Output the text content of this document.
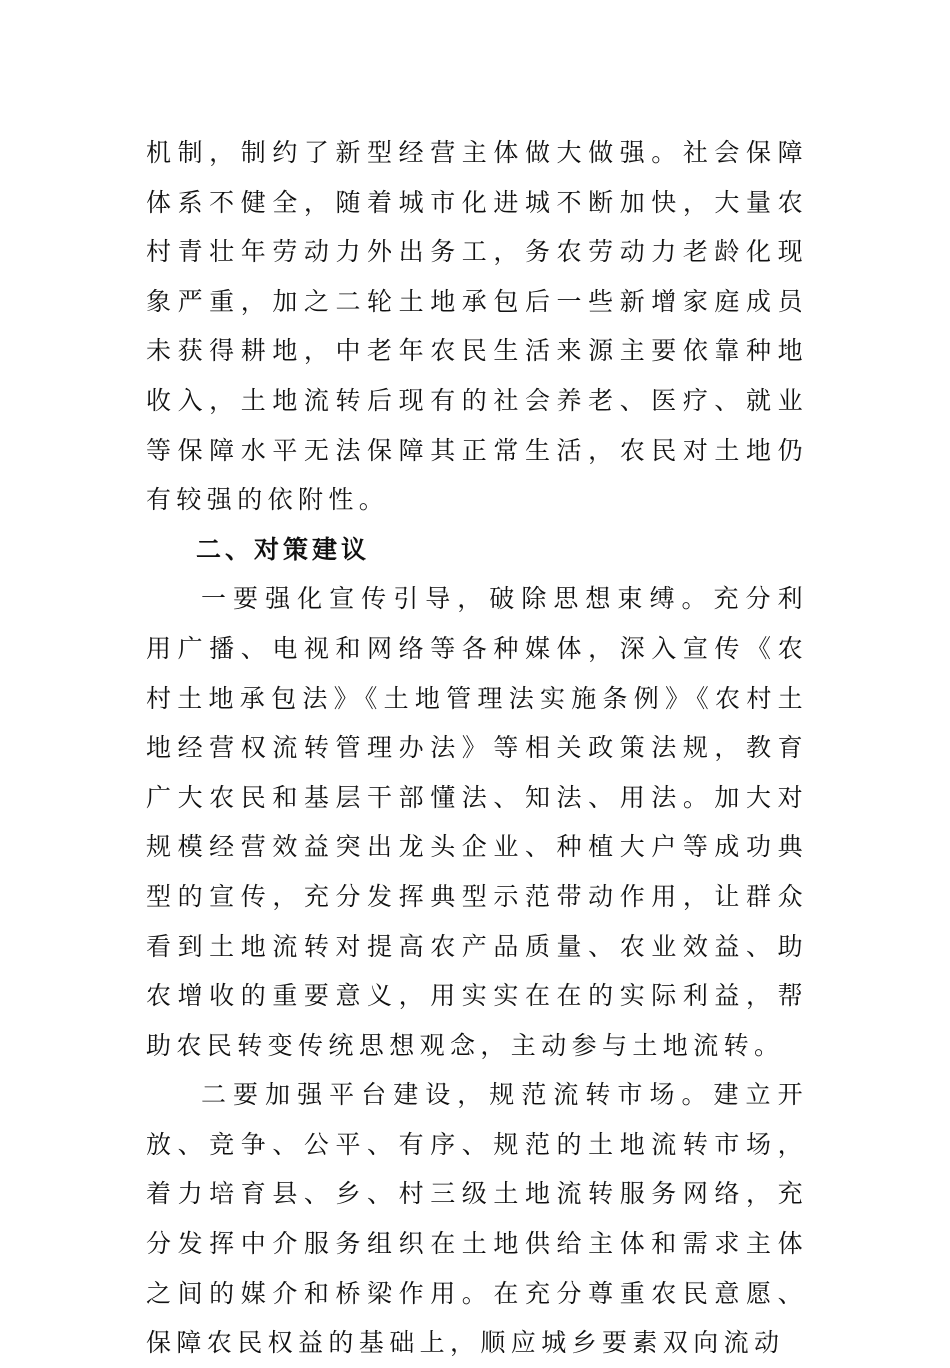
机制，制约了新型经营主体做大做强。社会保障体系不健全，随着城市化进城不断加快，大量农村青壮年劳动力外出务工，务农劳动力老龄化现象严重，加之二轮土地承包后一些新增家庭成员未获得耕地，中老年农民生活来源主要依靠种地收入，土地流转后现有的社会养老、医疗、就业等保障水平无法保障其正常生活，农民对土地仍有较强的依附性。

二、对策建议

一要强化宣传引导，破除思想束缚。充分利用广播、电视和网络等各种媒体，深入宣传《农村土地承包法》《土地管理法实施条例》《农村土地经营权流转管理办法》等相关政策法规，教育广大农民和基层干部懂法、知法、用法。加大对规模经营效益突出龙头企业、种植大户等成功典型的宣传，充分发挥典型示范带动作用，让群众看到土地流转对提高农产品质量、农业效益、助农增收的重要意义，用实实在在的实际利益，帮助农民转变传统思想观念，主动参与土地流转。

二要加强平台建设，规范流转市场。建立开放、竞争、公平、有序、规范的土地流转市场，着力培育县、乡、村三级土地流转服务网络，充分发挥中介服务组织在土地供给主体和需求主体之间的媒介和桥梁作用。在充分尊重农民意愿、保障农民权益的基础上，顺应城乡要素双向流动
